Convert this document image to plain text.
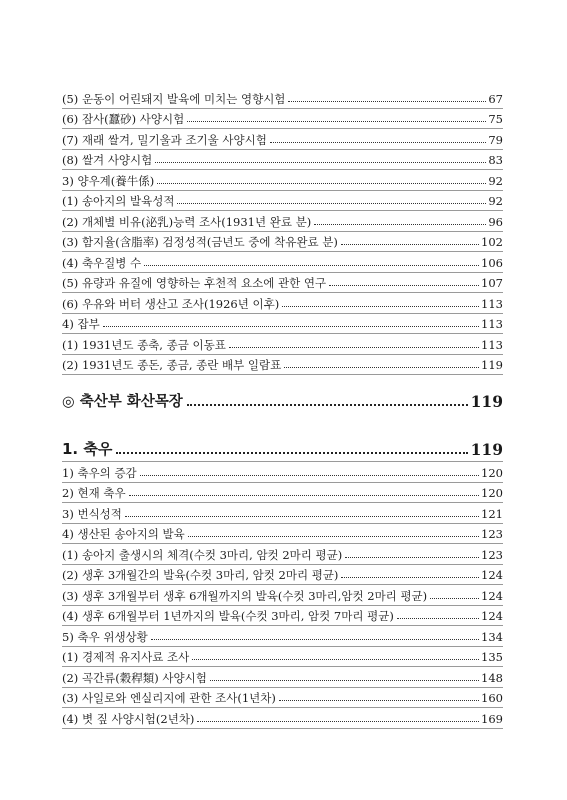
(5) 운동이 어린돼지 발육에 미치는 영향시험	67
(6) 잠사(蠶砂) 사양시험	75
(7) 재래 쌀겨, 밀기울과 조기울 사양시험	79
(8) 쌀겨 사양시험	83
3) 양우계(養牛係)	92
(1) 송아지의 발육성적	92
(2) 개체별 비유(泌乳)능력 조사(1931년 완료 분)	96
(3) 함지율(含脂率) 검정성적(금년도 중에 착유완료 분)	102
(4) 축우질병 수	106
(5) 유량과 유질에 영향하는 후천적 요소에 관한 연구	107
(6) 우유와 버터 생산고 조사(1926년 이후)	113
4) 잡부	113
(1) 1931년도 종축, 종금 이동표	113
(2) 1931년도 종돈, 종금, 종란 배부 일람표	119
◎ 축산부 화산목장	119
1. 축우	119
1) 축우의 증감	120
2) 현재 축우	120
3) 번식성적	121
4) 생산된 송아지의 발육	123
(1) 송아지 출생시의 체격(수컷 3마리, 암컷 2마리 평균)	123
(2) 생후 3개월간의 발육(수컷 3마리, 암컷 2마리 평균)	124
(3) 생후 3개월부터 생후 6개월까지의 발육(수컷 3마리,암컷 2마리 평균)	124
(4) 생후 6개월부터 1년까지의 발육(수컷 3마리, 암컷 7마리 평균)	124
5) 축우 위생상황	134
(1) 경제적 유지사료 조사	135
(2) 곡간류(穀稈類) 사양시험	148
(3) 사일로와 엔실리지에 관한 조사(1년차)	160
(4) 볏 짚 사양시험(2년차)	169
